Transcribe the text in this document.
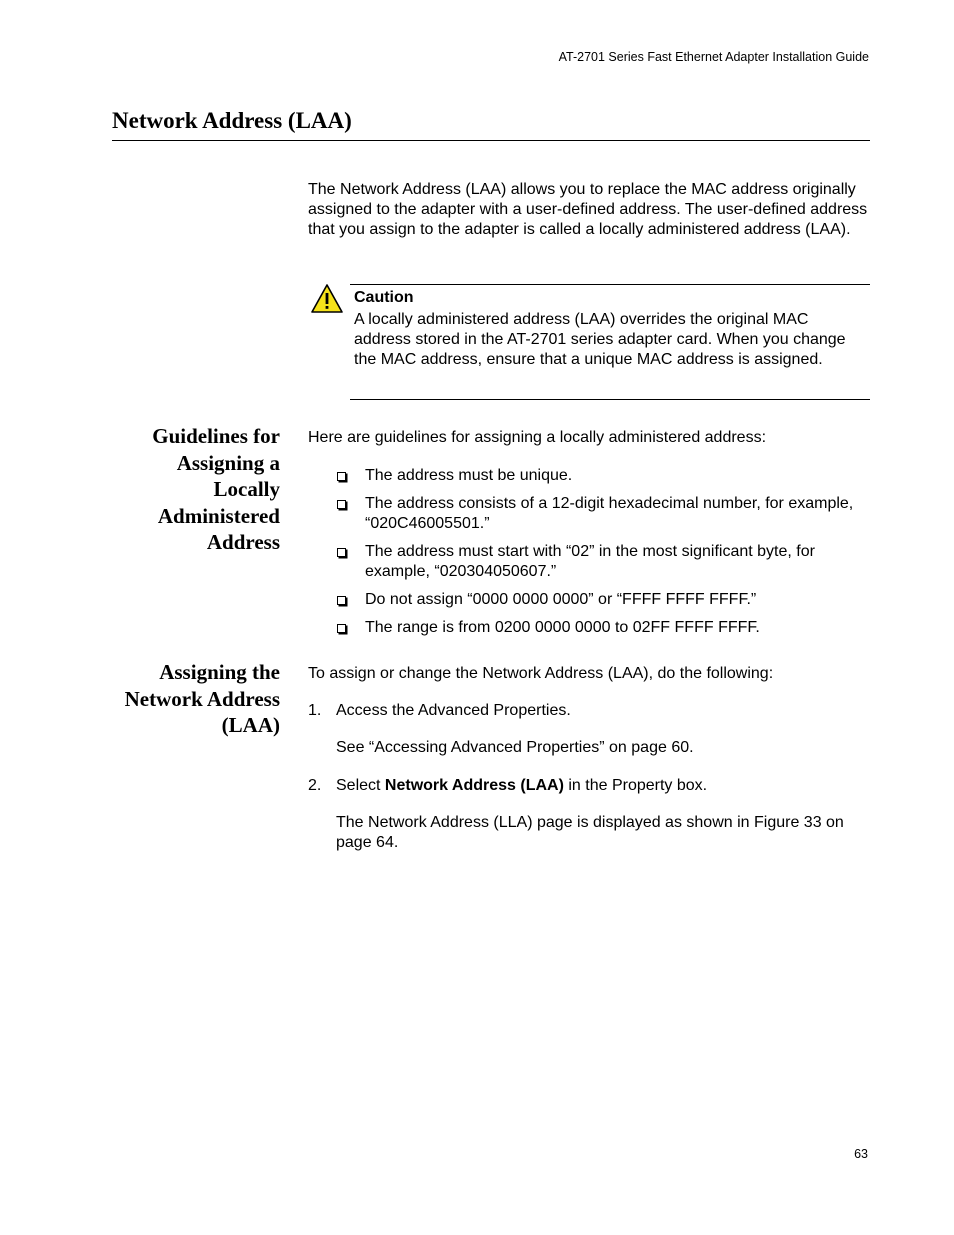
AT-2701 Series Fast Ethernet Adapter Installation Guide
Network Address (LAA)

The Network Address (LAA) allows you to replace the MAC address originally assigned to the adapter with a user-defined address. The user-defined address that you assign to the adapter is called a locally administered address (LAA).

Caution

A locally administered address (LAA) overrides the original MAC address stored in the AT-2701 series adapter card. When you change the MAC address, ensure that a unique MAC address is assigned.

Guidelines for
Assigning a
Locally
Administered
Address

Here are guidelines for assigning a locally administered address:

The address must be unique.
The address consists of a 12-digit hexadecimal number, for example, “020C46005501.”
The address must start with “02” in the most significant byte, for example, “020304050607.”
Do not assign “0000 0000 0000” or “FFFF FFFF FFFF.”
The range is from 0200 0000 0000 to 02FF FFFF FFFF.
Assigning the
Network Address
(LAA)

To assign or change the Network Address (LAA), do the following:

1. Access the Advanced Properties.

See “Accessing Advanced Properties” on page 60.

2. Select Network Address (LAA) in the Property box.

The Network Address (LLA) page is displayed as shown in Figure 33 on page 64.

63
